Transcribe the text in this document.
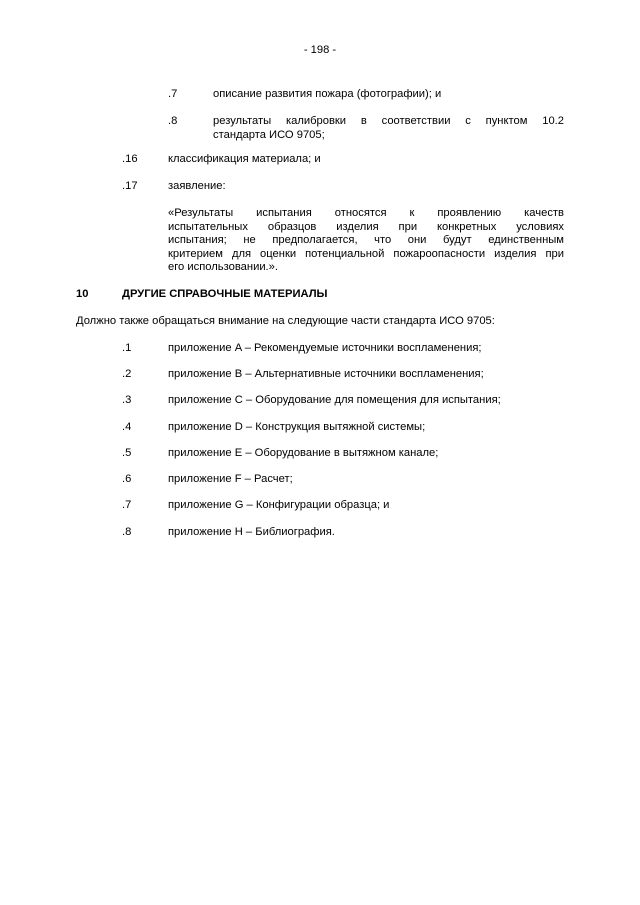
- 198 -
.7	описание развития пожара (фотографии); и
.8	результаты калибровки в соответствии с пунктом 10.2
стандарта ИСО 9705;
.16	классификация материала; и
.17	заявление:
«Результаты испытания относятся к проявлению качеств
испытательных образцов изделия при конкретных условиях
испытания; не предполагается, что они будут единственным
критерием для оценки потенциальной пожароопасности изделия при
его использовании.».
10	ДРУГИЕ СПРАВОЧНЫЕ МАТЕРИАЛЫ
Должно также обращаться внимание на следующие части стандарта ИСО 9705:
.1	приложение A – Рекомендуемые источники воспламенения;
.2	приложение B – Альтернативные источники воспламенения;
.3	приложение C – Оборудование для помещения для испытания;
.4	приложение D – Конструкция вытяжной системы;
.5	приложение E – Оборудование в вытяжном канале;
.6	приложение F – Расчет;
.7	приложение G – Конфигурации образца; и
.8	приложение H – Библиография.
